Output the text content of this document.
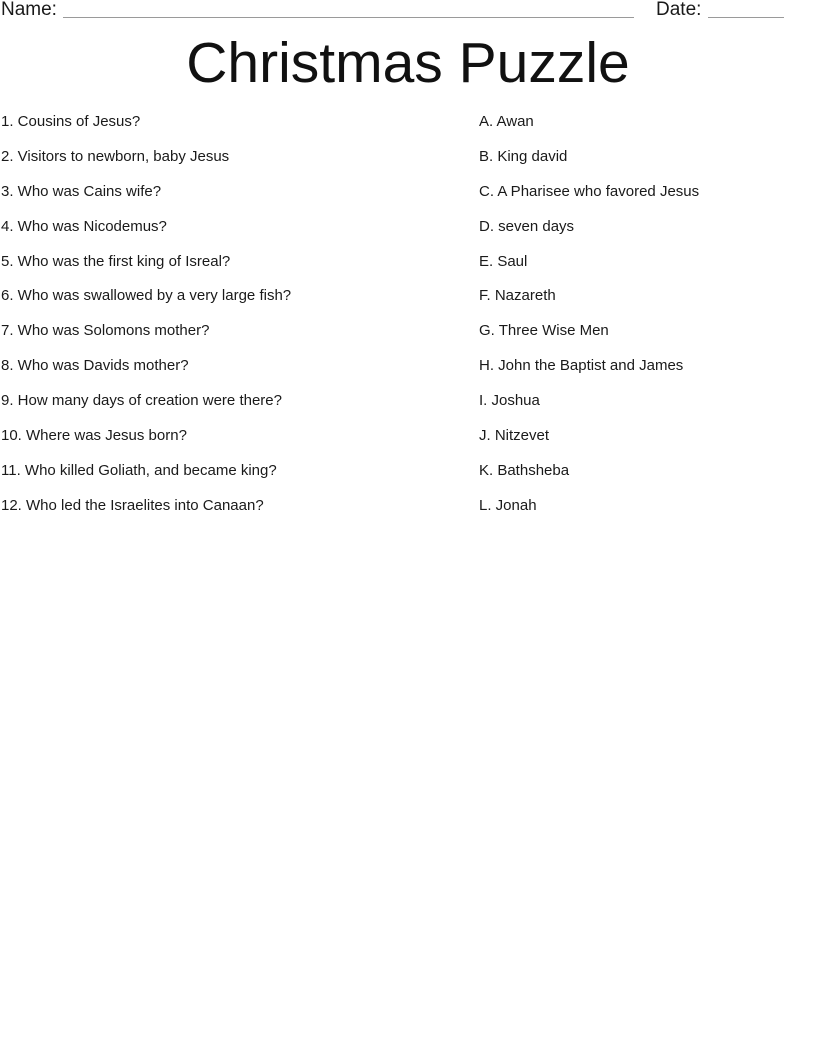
Name:	Date:
Christmas Puzzle
1. Cousins of Jesus?
2. Visitors to newborn, baby Jesus
3. Who was Cains wife?
4. Who was Nicodemus?
5. Who was the first king of Isreal?
6. Who was swallowed by a very large fish?
7. Who was Solomons mother?
8. Who was Davids mother?
9. How many days of creation were there?
10. Where was Jesus born?
11. Who killed Goliath, and became king?
12. Who led the Israelites into Canaan?
A. Awan
B. King david
C. A Pharisee who favored Jesus
D. seven days
E. Saul
F. Nazareth
G. Three Wise Men
H. John the Baptist and James
I. Joshua
J. Nitzevet
K. Bathsheba
L. Jonah
